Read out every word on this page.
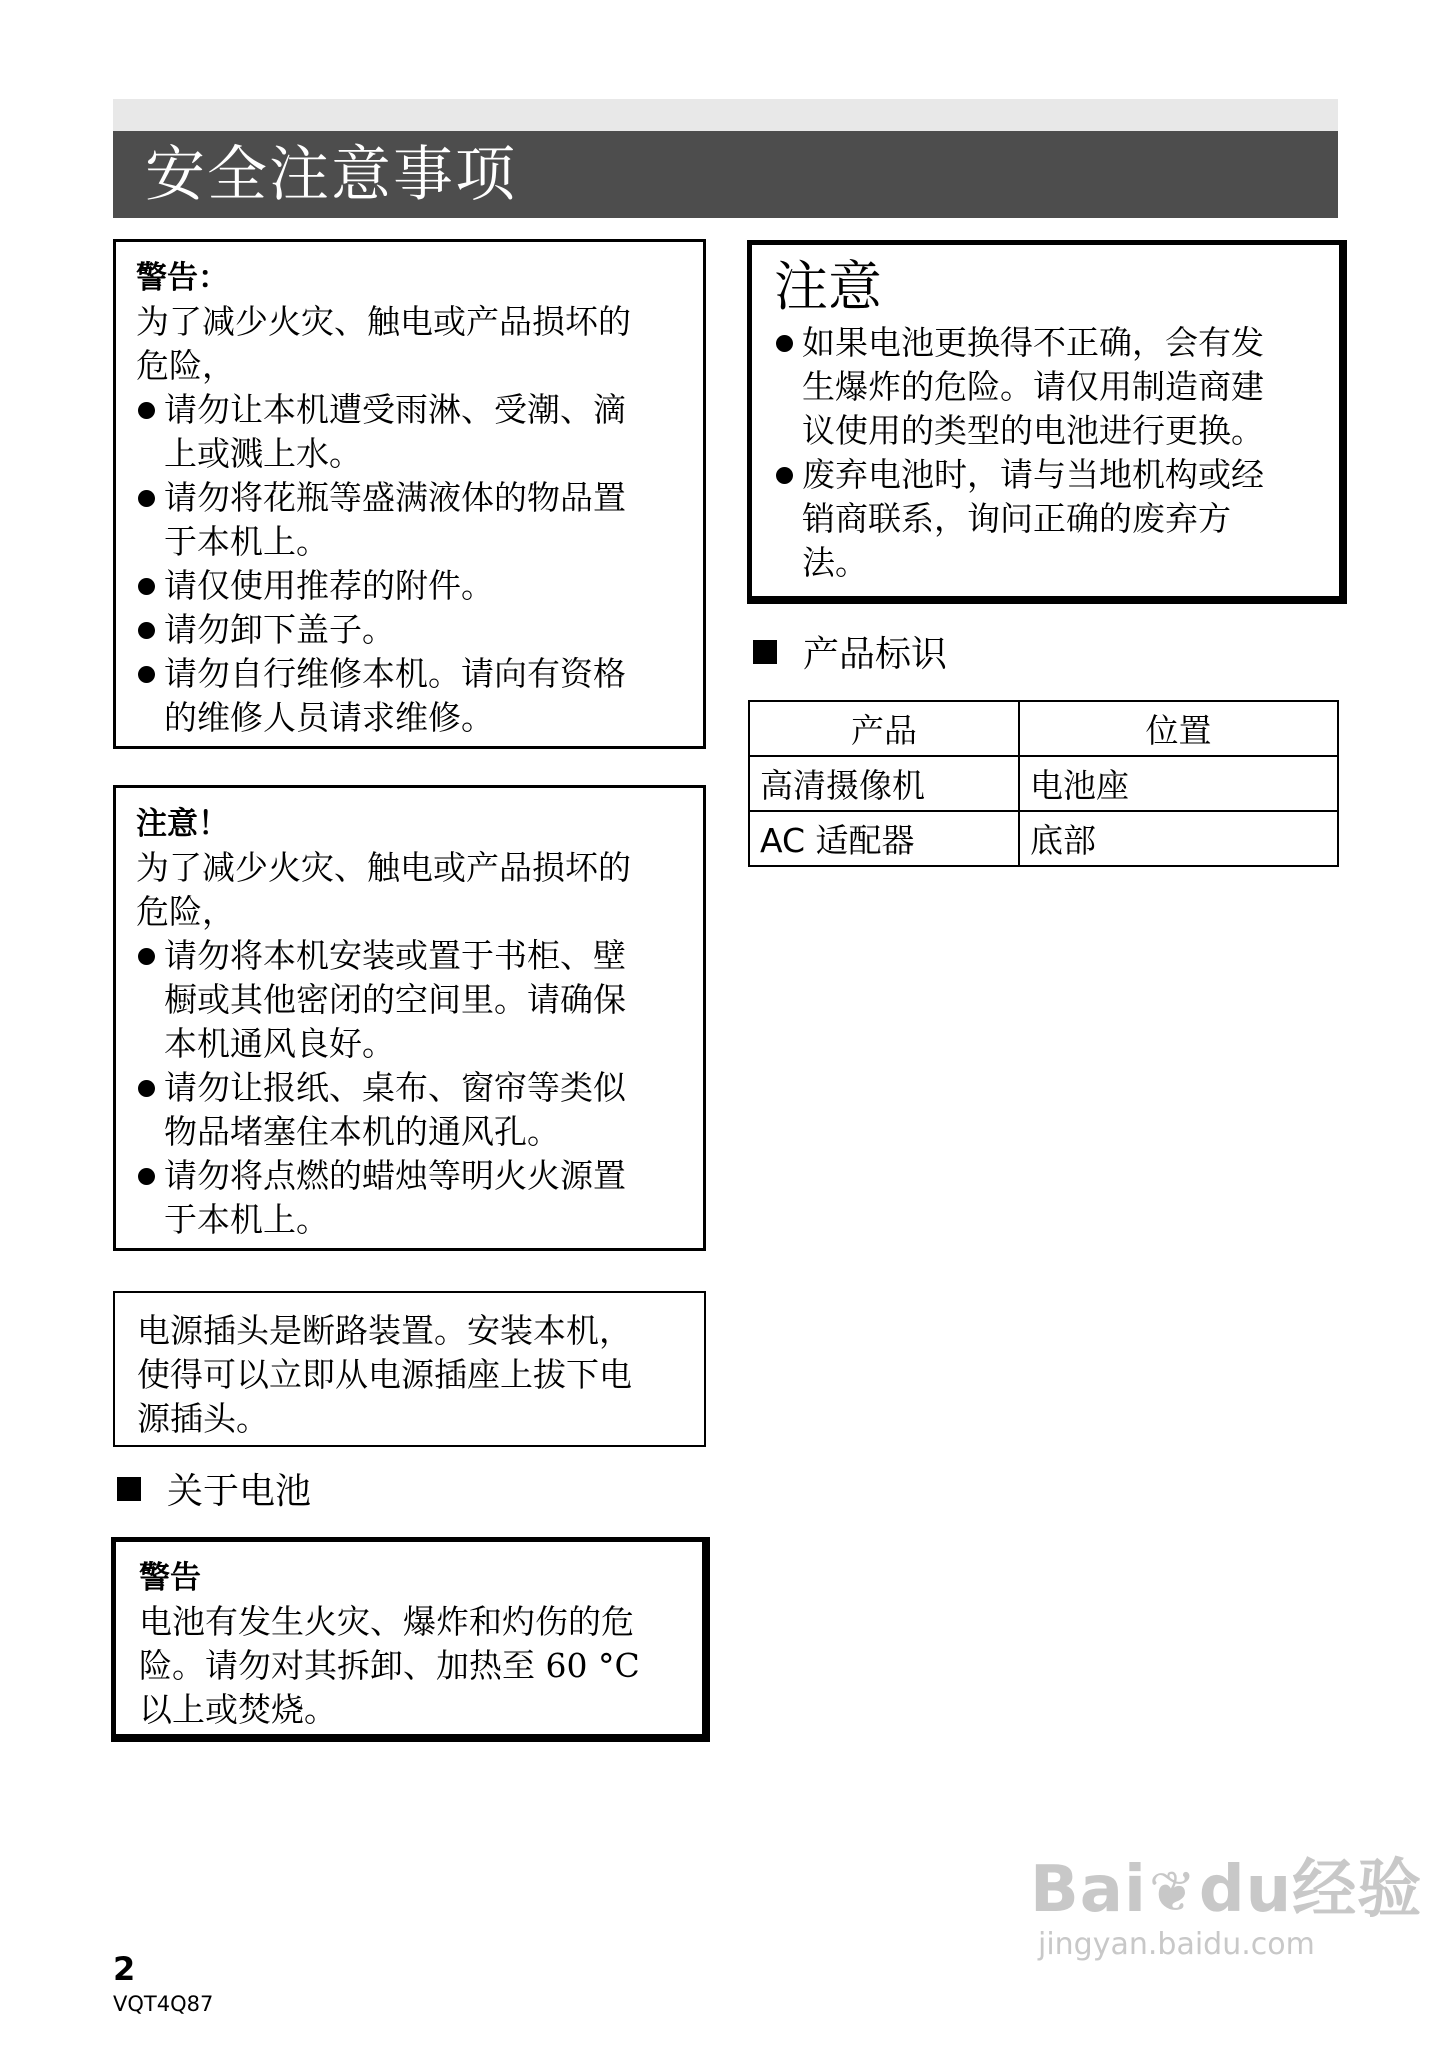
安全注意事项
警告：
为了减少火灾、触电或产品损坏的
危险，
请勿让本机遭受雨淋、受潮、滴
上或溅上水。
请勿将花瓶等盛满液体的物品置
于本机上。
请仅使用推荐的附件。
请勿卸下盖子。
请勿自行维修本机。请向有资格
的维修人员请求维修。
注意！
为了减少火灾、触电或产品损坏的
危险，
请勿将本机安装或置于书柜、壁
橱或其他密闭的空间里。请确保
本机通风良好。
请勿让报纸、桌布、窗帘等类似
物品堵塞住本机的通风孔。
请勿将点燃的蜡烛等明火火源置
于本机上。
电源插头是断路装置。安装本机，
使得可以立即从电源插座上拔下电
源插头。
关于电池
警告
电池有发生火灾、爆炸和灼伤的危
险。请勿对其拆卸、加热至 60 °C
以上或焚烧。
注意
如果电池更换得不正确，会有发
生爆炸的危险。请仅用制造商建
议使用的类型的电池进行更换。
废弃电池时，请与当地机构或经
销商联系，询问正确的废弃方
法。
产品标识
产品	位置
高清摄像机	电池座
AC 适配器	底部
2
VQT4Q87
Bai❦du经验
jingyan.baidu.com
